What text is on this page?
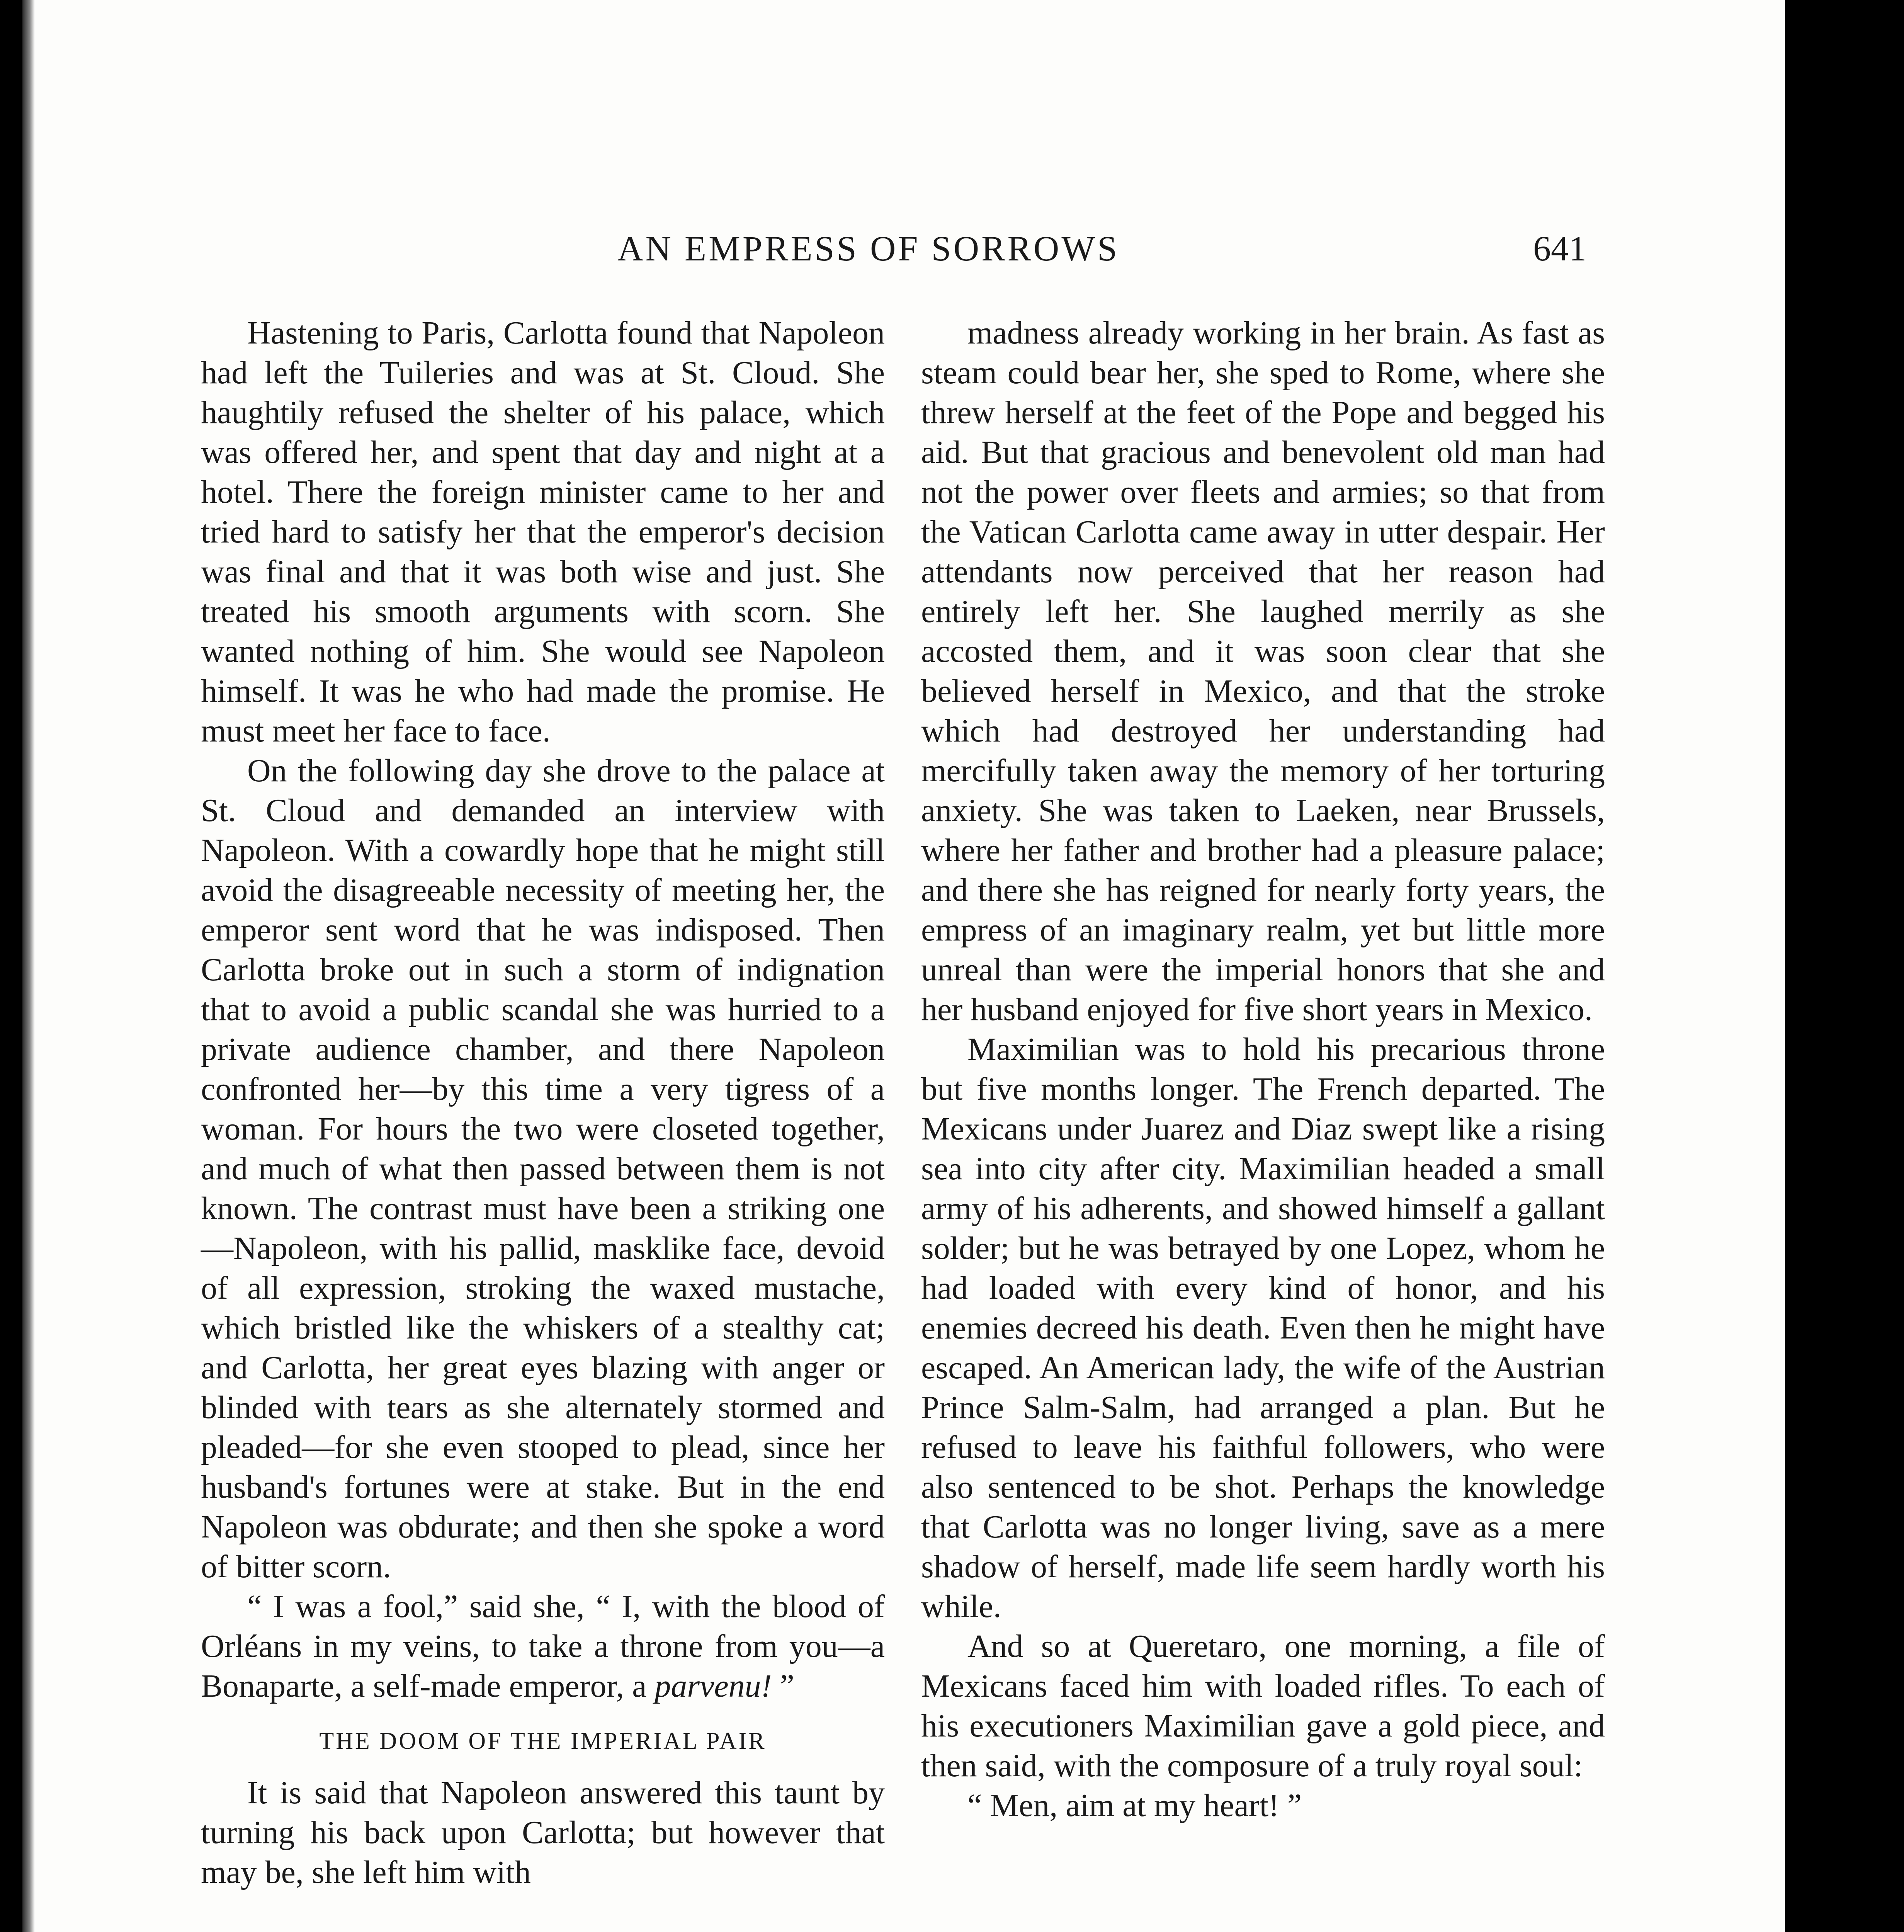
AN EMPRESS OF SORROWS	641

Hastening to Paris, Carlotta found that Napoleon had left the Tuileries and was at St. Cloud. She haughtily refused the shelter of his palace, which was offered her, and spent that day and night at a hotel. There the foreign minister came to her and tried hard to satisfy her that the emperor's decision was final and that it was both wise and just. She treated his smooth arguments with scorn. She wanted nothing of him. She would see Napoleon himself. It was he who had made the promise. He must meet her face to face.

On the following day she drove to the palace at St. Cloud and demanded an interview with Napoleon. With a cowardly hope that he might still avoid the disagreeable necessity of meeting her, the emperor sent word that he was indisposed. Then Carlotta broke out in such a storm of indignation that to avoid a public scandal she was hurried to a private audience chamber, and there Napoleon confronted her—by this time a very tigress of a woman. For hours the two were closeted together, and much of what then passed between them is not known. The contrast must have been a striking one—Napoleon, with his pallid, masklike face, devoid of all expression, stroking the waxed mustache, which bristled like the whiskers of a stealthy cat; and Carlotta, her great eyes blazing with anger or blinded with tears as she alternately stormed and pleaded—for she even stooped to plead, since her husband's fortunes were at stake. But in the end Napoleon was obdurate; and then she spoke a word of bitter scorn.

“ I was a fool,” said she, “ I, with the blood of Orléans in my veins, to take a throne from you—a Bonaparte, a self-made emperor, a parvenu! ”

THE DOOM OF THE IMPERIAL PAIR

It is said that Napoleon answered this taunt by turning his back upon Carlotta; but however that may be, she left him with

madness already working in her brain. As fast as steam could bear her, she sped to Rome, where she threw herself at the feet of the Pope and begged his aid. But that gracious and benevolent old man had not the power over fleets and armies; so that from the Vatican Carlotta came away in utter despair. Her attendants now perceived that her reason had entirely left her. She laughed merrily as she accosted them, and it was soon clear that she believed herself in Mexico, and that the stroke which had destroyed her understanding had mercifully taken away the memory of her torturing anxiety. She was taken to Laeken, near Brussels, where her father and brother had a pleasure palace; and there she has reigned for nearly forty years, the empress of an imaginary realm, yet but little more unreal than were the imperial honors that she and her husband enjoyed for five short years in Mexico.

Maximilian was to hold his precarious throne but five months longer. The French departed. The Mexicans under Juarez and Diaz swept like a rising sea into city after city. Maximilian headed a small army of his adherents, and showed himself a gallant solder; but he was betrayed by one Lopez, whom he had loaded with every kind of honor, and his enemies decreed his death. Even then he might have escaped. An American lady, the wife of the Austrian Prince Salm-Salm, had arranged a plan. But he refused to leave his faithful followers, who were also sentenced to be shot. Perhaps the knowledge that Carlotta was no longer living, save as a mere shadow of herself, made life seem hardly worth his while.

And so at Queretaro, one morning, a file of Mexicans faced him with loaded rifles. To each of his executioners Maximilian gave a gold piece, and then said, with the composure of a truly royal soul:

“ Men, aim at my heart! ”
